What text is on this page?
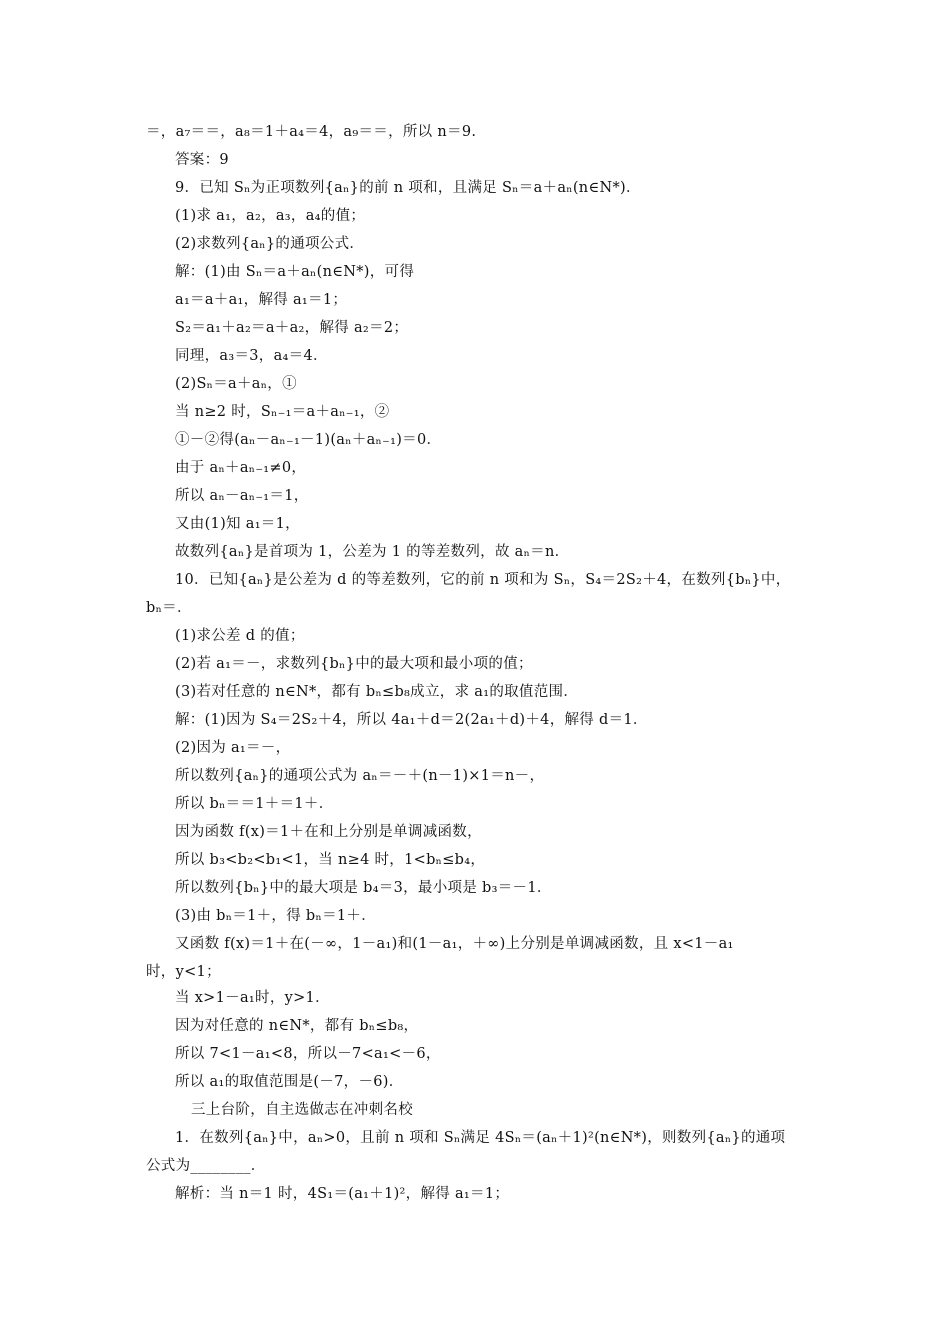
＝，a₇＝＝，a₈＝1＋a₄＝4，a₉＝＝，所以 n＝9.
答案：9
9．已知 Sₙ为正项数列{aₙ}的前 n 项和，且满足 Sₙ＝a＋aₙ(n∈N*)．
(1)求 a₁，a₂，a₃，a₄的值；
(2)求数列{aₙ}的通项公式．
解：(1)由 Sₙ＝a＋aₙ(n∈N*)，可得
a₁＝a＋a₁，解得 a₁＝1；
S₂＝a₁＋a₂＝a＋a₂，解得 a₂＝2；
同理，a₃＝3，a₄＝4．
(2)Sₙ＝a＋aₙ，①
当 n≥2 时，Sₙ₋₁＝a＋aₙ₋₁，②
①－②得(aₙ－aₙ₋₁－1)(aₙ＋aₙ₋₁)＝0．
由于 aₙ＋aₙ₋₁≠0，
所以 aₙ－aₙ₋₁＝1，
又由(1)知 a₁＝1，
故数列{aₙ}是首项为 1，公差为 1 的等差数列，故 aₙ＝n．
10．已知{aₙ}是公差为 d 的等差数列，它的前 n 项和为 Sₙ，S₄＝2S₂＋4，在数列{bₙ}中，
bₙ＝．
(1)求公差 d 的值；
(2)若 a₁＝－，求数列{bₙ}中的最大项和最小项的值；
(3)若对任意的 n∈N*，都有 bₙ≤b₈成立，求 a₁的取值范围．
解：(1)因为 S₄＝2S₂＋4，所以 4a₁＋d＝2(2a₁＋d)＋4，解得 d＝1．
(2)因为 a₁＝－，
所以数列{aₙ}的通项公式为 aₙ＝－＋(n－1)×1＝n－，
所以 bₙ＝＝1＋＝1＋．
因为函数 f(x)＝1＋在和上分别是单调减函数，
所以 b₃<b₂<b₁<1，当 n≥4 时，1<bₙ≤b₄，
所以数列{bₙ}中的最大项是 b₄＝3，最小项是 b₃＝－1．
(3)由 bₙ＝1＋，得 bₙ＝1＋．
又函数 f(x)＝1＋在(－∞，1－a₁)和(1－a₁，＋∞)上分别是单调减函数，且 x<1－a₁
时，y<1；
当 x>1－a₁时，y>1．
因为对任意的 n∈N*，都有 bₙ≤b₈，
所以 7<1－a₁<8，所以－7<a₁<－6，
所以 a₁的取值范围是(－7，－6)．
三上台阶，自主选做志在冲刺名校
1．在数列{aₙ}中，aₙ>0，且前 n 项和 Sₙ满足 4Sₙ＝(aₙ＋1)²(n∈N*)，则数列{aₙ}的通项
公式为________．
解析：当 n＝1 时，4S₁＝(a₁＋1)²，解得 a₁＝1；
